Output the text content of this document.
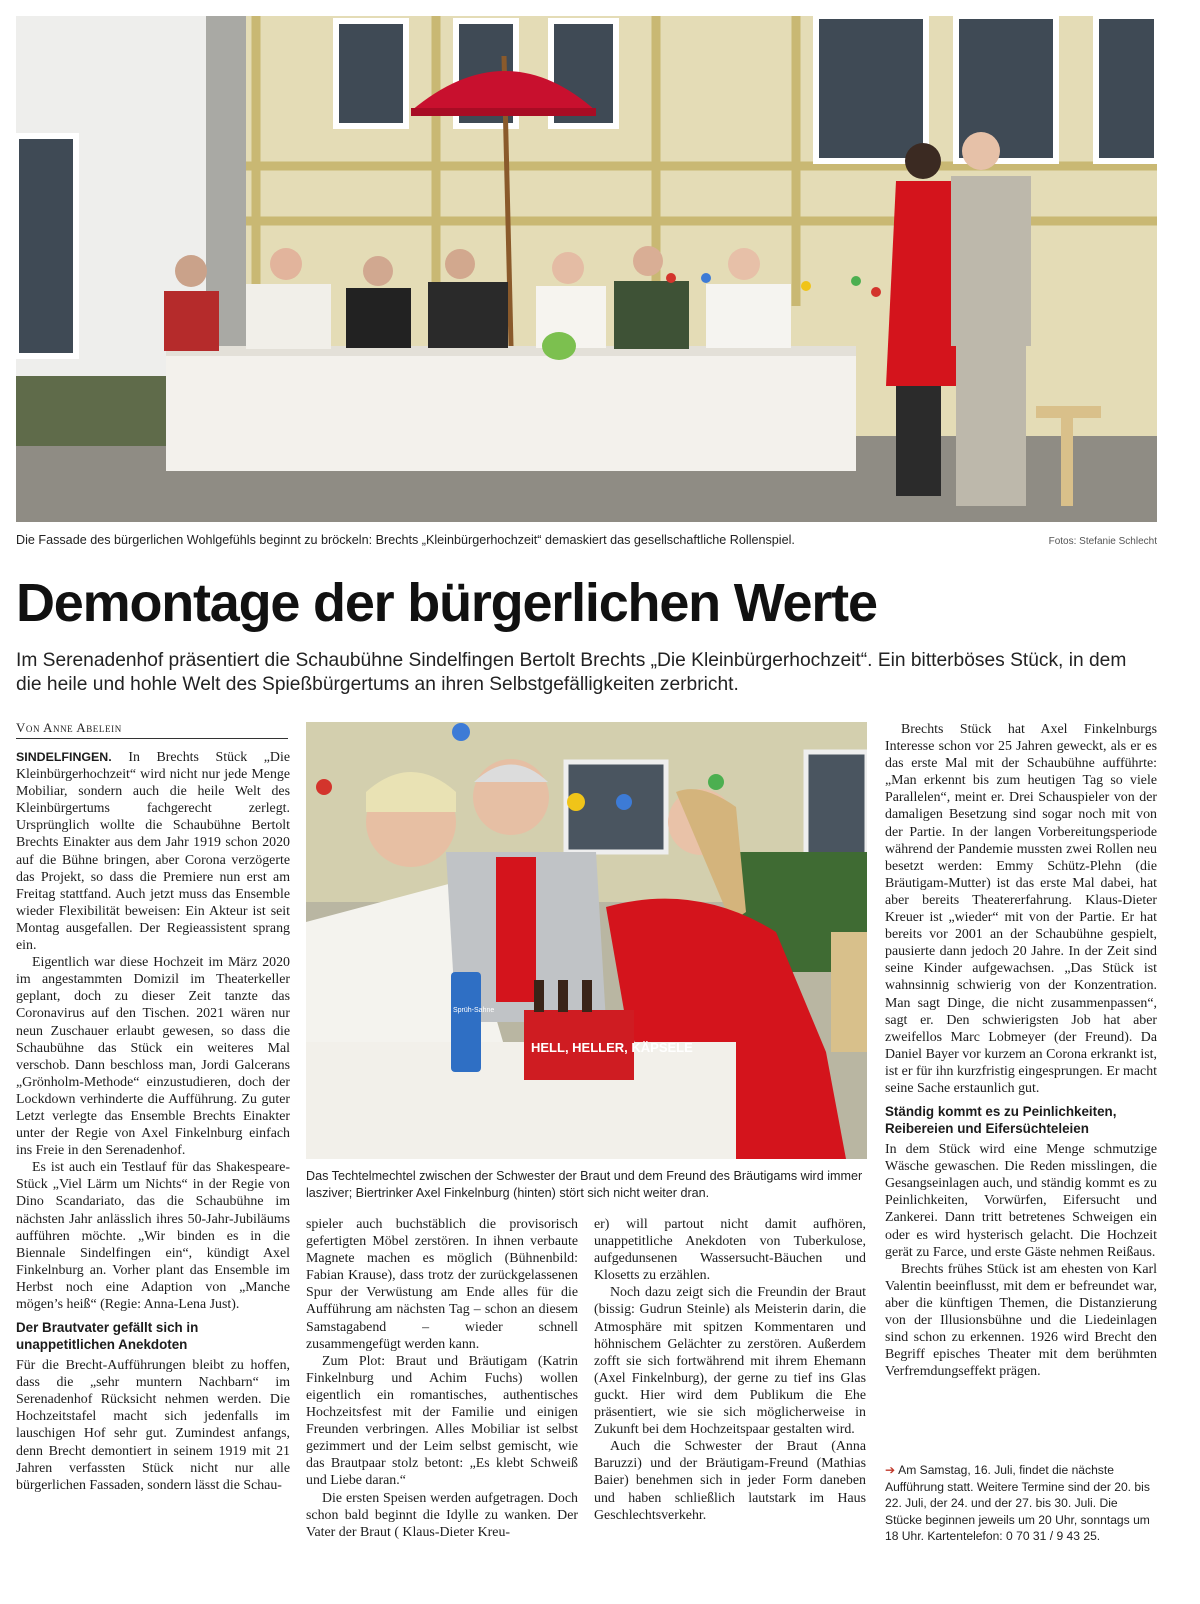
Die Fassade des bürgerlichen Wohlgefühls beginnt zu bröckeln: Brechts „Kleinbürgerhochzeit“ demaskiert das gesellschaftliche Rollenspiel.	Fotos: Stefanie Schlecht
Demontage der bürgerlichen Werte
Im Serenadenhof präsentiert die Schaubühne Sindelfingen Bertolt Brechts „Die Kleinbürgerhochzeit“. Ein bitterböses Stück, in dem die heile und hohle Welt des Spießbürgertums an ihren Selbstgefälligkeiten zerbricht.
Von Anne Abelein

SINDELFINGEN. In Brechts Stück „Die Kleinbürgerhochzeit“ wird nicht nur jede Menge Mobiliar, sondern auch die heile Welt des Kleinbürgertums fachgerecht zerlegt. Ursprünglich wollte die Schaubühne Bertolt Brechts Einakter aus dem Jahr 1919 schon 2020 auf die Bühne bringen, aber Corona verzögerte das Projekt, so dass die Premiere nun erst am Freitag stattfand. Auch jetzt muss das Ensemble wieder Flexibilität beweisen: Ein Akteur ist seit Montag ausgefallen. Der Regieassistent sprang ein.

Eigentlich war diese Hochzeit im März 2020 im angestammten Domizil im Theaterkeller geplant, doch zu dieser Zeit tanzte das Coronavirus auf den Tischen. 2021 wären nur neun Zuschauer erlaubt gewesen, so dass die Schaubühne das Stück ein weiteres Mal verschob. Dann beschloss man, Jordi Galcerans „Grönholm-Methode“ einzustudieren, doch der Lockdown verhinderte die Aufführung. Zu guter Letzt verlegte das Ensemble Brechts Einakter unter der Regie von Axel Finkelnburg einfach ins Freie in den Serenadenhof.

Es ist auch ein Testlauf für das Shakespeare-Stück „Viel Lärm um Nichts“ in der Regie von Dino Scandariato, das die Schaubühne im nächsten Jahr anlässlich ihres 50-Jahr-Jubiläums aufführen möchte. „Wir binden es in die Biennale Sindelfingen ein“, kündigt Axel Finkelnburg an. Vorher plant das Ensemble im Herbst noch eine Adaption von „Manche mögen’s heiß“ (Regie: Anna-Lena Just).

Der Brautvater gefällt sich in unappetitlichen Anekdoten

Für die Brecht-Aufführungen bleibt zu hoffen, dass die „sehr muntern Nachbarn“ im Serenadenhof Rücksicht nehmen werden. Die Hochzeitstafel macht sich jedenfalls im lauschigen Hof sehr gut. Zumindest anfangs, denn Brecht demontiert in seinem 1919 mit 21 Jahren verfassten Stück nicht nur alle bürgerlichen Fassaden, sondern lässt die Schau-

HELL, HELLER, KÄPSELE
Sprüh-Sahne
Das Techtelmechtel zwischen der Schwester der Braut und dem Freund des Bräutigams wird immer lasziver; Biertrinker Axel Finkelnburg (hinten) stört sich nicht weiter dran.

spieler auch buchstäblich die provisorisch gefertigten Möbel zerstören. In ihnen verbaute Magnete machen es möglich (Bühnenbild: Fabian Krause), dass trotz der zurückgelassenen Spur der Verwüstung am Ende alles für die Aufführung am nächsten Tag – schon an diesem Samstagabend – wieder schnell zusammengefügt werden kann.

Zum Plot: Braut und Bräutigam (Katrin Finkelnburg und Achim Fuchs) wollen eigentlich ein romantisches, authentisches Hochzeitsfest mit der Familie und einigen Freunden verbringen. Alles Mobiliar ist selbst gezimmert und der Leim selbst gemischt, wie das Brautpaar stolz betont: „Es klebt Schweiß und Liebe daran.“

Die ersten Speisen werden aufgetragen. Doch schon bald beginnt die Idylle zu wanken. Der Vater der Braut ( Klaus-Dieter Kreu-

er) will partout nicht damit aufhören, unappetitliche Anekdoten von Tuberkulose, aufgedunsenen Wassersucht-Bäuchen und Klosetts zu erzählen.

Noch dazu zeigt sich die Freundin der Braut (bissig: Gudrun Steinle) als Meisterin darin, die Atmosphäre mit spitzen Kommentaren und höhnischem Gelächter zu zerstören. Außerdem zofft sie sich fortwährend mit ihrem Ehemann (Axel Finkelnburg), der gerne zu tief ins Glas guckt. Hier wird dem Publikum die Ehe präsentiert, wie sie sich möglicherweise in Zukunft bei dem Hochzeitspaar gestalten wird.

Auch die Schwester der Braut (Anna Baruzzi) und der Bräutigam-Freund (Mathias Baier) benehmen sich in jeder Form daneben und haben schließlich lautstark im Haus Geschlechtsverkehr.

Brechts Stück hat Axel Finkelnburgs Interesse schon vor 25 Jahren geweckt, als er es das erste Mal mit der Schaubühne aufführte: „Man erkennt bis zum heutigen Tag so viele Parallelen“, meint er. Drei Schauspieler von der damaligen Besetzung sind sogar noch mit von der Partie. In der langen Vorbereitungsperiode während der Pandemie mussten zwei Rollen neu besetzt werden: Emmy Schütz-Plehn (die Bräutigam-Mutter) ist das erste Mal dabei, hat aber bereits Theatererfahrung. Klaus-Dieter Kreuer ist „wieder“ mit von der Partie. Er hat bereits vor 2001 an der Schaubühne gespielt, pausierte dann jedoch 20 Jahre. In der Zeit sind seine Kinder aufgewachsen. „Das Stück ist wahnsinnig schwierig von der Konzentration. Man sagt Dinge, die nicht zusammenpassen“, sagt er. Den schwierigsten Job hat aber zweifellos Marc Lobmeyer (der Freund). Da Daniel Bayer vor kurzem an Corona erkrankt ist, ist er für ihn kurzfristig eingesprungen. Er macht seine Sache erstaunlich gut.

Ständig kommt es zu Peinlichkeiten, Reibereien und Eifersüchteleien

In dem Stück wird eine Menge schmutzige Wäsche gewaschen. Die Reden misslingen, die Gesangseinlagen auch, und ständig kommt es zu Peinlichkeiten, Vorwürfen, Eifersucht und Zankerei. Dann tritt betretenes Schweigen ein oder es wird hysterisch gelacht. Die Hochzeit gerät zu Farce, und erste Gäste nehmen Reißaus.

Brechts frühes Stück ist am ehesten von Karl Valentin beeinflusst, mit dem er befreundet war, aber die künftigen Themen, die Distanzierung von der Illusionsbühne und die Liedeinlagen sind schon zu erkennen. 1926 wird Brecht den Begriff episches Theater mit dem berühmten Verfremdungseffekt prägen.

➔ Am Samstag, 16. Juli, findet die nächste Aufführung statt. Weitere Termine sind der 20. bis 22. Juli, der 24. und der 27. bis 30. Juli. Die Stücke beginnen jeweils um 20 Uhr, sonntags um 18 Uhr. Kartentelefon: 0 70 31 / 9 43 25.
